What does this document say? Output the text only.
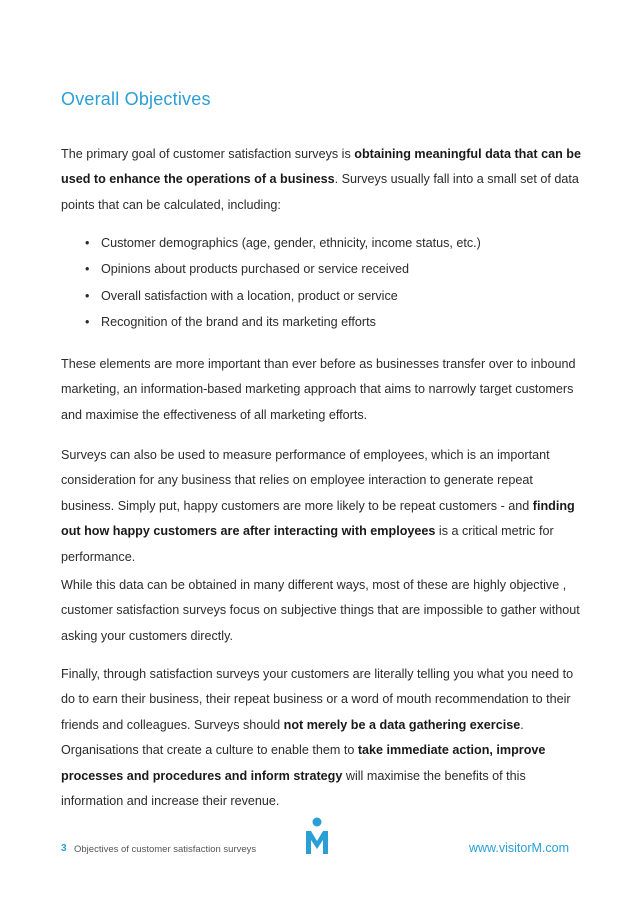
Overall Objectives

The primary goal of customer satisfaction surveys is obtaining meaningful data that can be used to enhance the operations of a business. Surveys usually fall into a small set of data points that can be calculated, including:

• Customer demographics (age, gender, ethnicity, income status, etc.)
• Opinions about products purchased or service received
• Overall satisfaction with a location, product or service
• Recognition of the brand and its marketing efforts

These elements are more important than ever before as businesses transfer over to inbound marketing, an information-based marketing approach that aims to narrowly target customers and maximise the effectiveness of all marketing efforts.

Surveys can also be used to measure performance of employees, which is an important consideration for any business that relies on employee interaction to generate repeat business. Simply put, happy customers are more likely to be repeat customers - and finding out how happy customers are after interacting with employees is a critical metric for performance.

While this data can be obtained in many different ways, most of these are highly objective , customer satisfaction surveys focus on subjective things that are impossible to gather without asking your customers directly.

Finally, through satisfaction surveys your customers are literally telling you what you need to do to earn their business, their repeat business or a word of mouth recommendation to their friends and colleagues. Surveys should not merely be a data gathering exercise. Organisations that create a culture to enable them to take immediate action, improve processes and procedures and inform strategy will maximise the benefits of this information and increase their revenue.

3 Objectives of customer satisfaction surveys	www.visitorM.com
